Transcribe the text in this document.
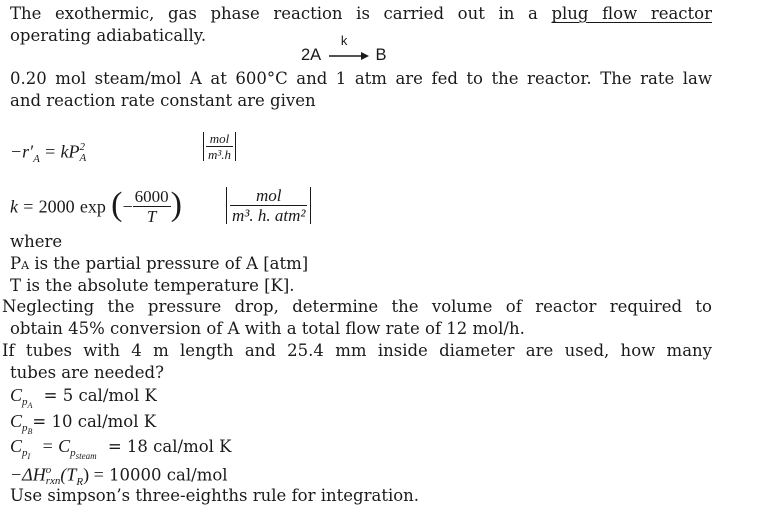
The exothermic, gas phase reaction is carried out in a plug flow reactor
operating adiabatically.
2A
k
B
0.20 mol steam/mol A at 600°C and 1 atm are fed to the reactor. The rate law
and reaction rate constant are given
$-r'_A$ = kP 2
A	$\frac{\text{mol}}{\text{m³.h}}$
k = 2000 exp (− $\frac{6000}{T}$ )	$\frac{\text{mol}}{\text{m³. h. atm²}}$
where
PA is the partial pressure of A [atm]
T is the absolute temperature [K].
Neglecting the pressure drop, determine the volume of reactor required to
obtain 45% conversion of A with a total flow rate of 12 mol/h.
If tubes with 4 m length and 25.4 mm inside diameter are used, how many
tubes are needed?
$C_{pA} = 5$ cal/mol K
$C_{pB}= 10$ cal/mol K
$C_{pI} = C_{psteam} = 18$ cal/mol K
−ΔH o
rxn $(T_R) = 10000$ cal/mol
Use simpson’s three-eighths rule for integration.
